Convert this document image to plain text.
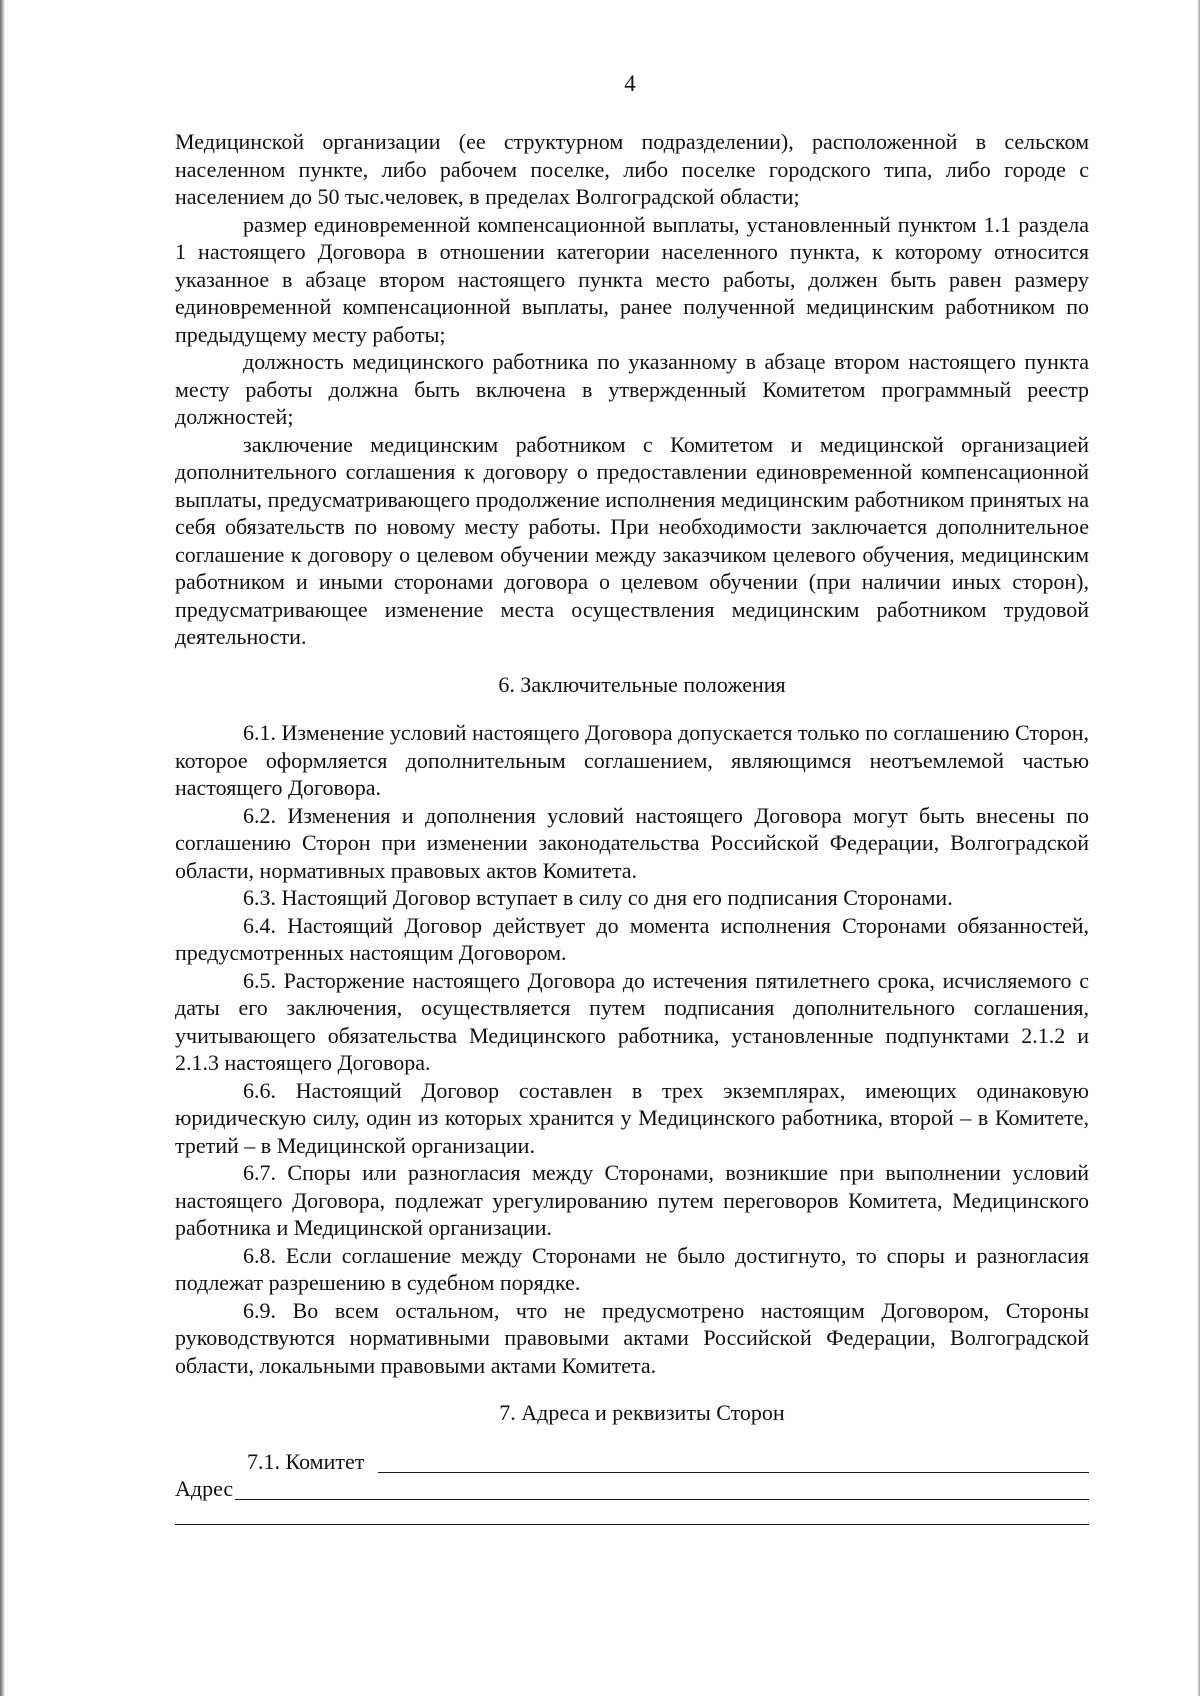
4

Медицинской организации (ее структурном подразделении), расположенной в сельском населенном пункте, либо рабочем поселке, либо поселке городского типа, либо городе с населением до 50 тыс.человек, в пределах Волгоградской области;

размер единовременной компенсационной выплаты, установленный пунктом 1.1 раздела 1 настоящего Договора в отношении категории населенного пункта, к которому относится указанное в абзаце втором настоящего пункта место работы, должен быть равен размеру единовременной компенсационной выплаты, ранее полученной медицинским работником по предыдущему месту работы;

должность медицинского работника по указанному в абзаце втором настоящего пункта месту работы должна быть включена в утвержденный Комитетом программный реестр должностей;

заключение медицинским работником с Комитетом и медицинской организацией дополнительного соглашения к договору о предоставлении единовременной компенсационной выплаты, предусматривающего продолжение исполнения медицинским работником принятых на себя обязательств по новому месту работы. При необходимости заключается дополнительное соглашение к договору о целевом обучении между заказчиком целевого обучения, медицинским работником и иными сторонами договора о целевом обучении (при наличии иных сторон), предусматривающее изменение места осуществления медицинским работником трудовой деятельности.

6. Заключительные положения

6.1. Изменение условий настоящего Договора допускается только по соглашению Сторон, которое оформляется дополнительным соглашением, являющимся неотъемлемой частью настоящего Договора.

6.2. Изменения и дополнения условий настоящего Договора могут быть внесены по соглашению Сторон при изменении законодательства Российской Федерации, Волгоградской области, нормативных правовых актов Комитета.

6.3. Настоящий Договор вступает в силу со дня его подписания Сторонами.

6.4. Настоящий Договор действует до момента исполнения Сторонами обязанностей, предусмотренных настоящим Договором.

6.5. Расторжение настоящего Договора до истечения пятилетнего срока, исчисляемого с даты его заключения, осуществляется путем подписания дополнительного соглашения, учитывающего обязательства Медицинского работника, установленные подпунктами 2.1.2 и 2.1.3 настоящего Договора.

6.6. Настоящий Договор составлен в трех экземплярах, имеющих одинаковую юридическую силу, один из которых хранится у Медицинского работника, второй – в Комитете, третий – в Медицинской организации.

6.7. Споры или разногласия между Сторонами, возникшие при выполнении условий настоящего Договора, подлежат урегулированию путем переговоров Комитета, Медицинского работника и Медицинской организации.

6.8. Если соглашение между Сторонами не было достигнуто, то споры и разногласия подлежат разрешению в судебном порядке.

6.9. Во всем остальном, что не предусмотрено настоящим Договором, Стороны руководствуются нормативными правовыми актами Российской Федерации, Волгоградской области, локальными правовыми актами Комитета.

7. Адреса и реквизиты Сторон
7.1. Комитет
Адрес
